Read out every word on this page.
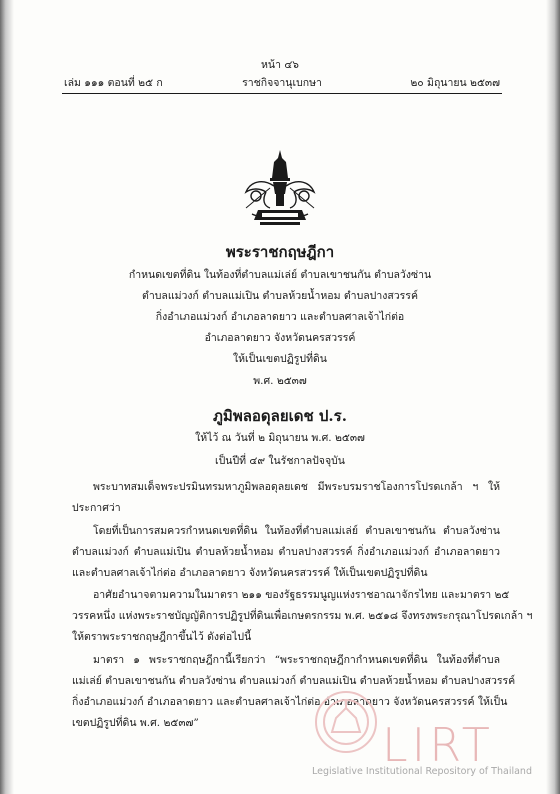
หน้า ๔๖
เล่ม ๑๑๑ ตอนที่ ๒๕ ก	ราชกิจจานุเบกษา	๒๐ มิถุนายน ๒๕๓๗
พระราชกฤษฎีกา
กำหนดเขตที่ดิน ในท้องที่ตำบลแม่เล่ย์ ตำบลเขาชนกัน ตำบลวังซ่าน
ตำบลแม่วงก์ ตำบลแม่เปิน ตำบลห้วยน้ำหอม ตำบลปางสวรรค์
กิ่งอำเภอแม่วงก์ อำเภอลาดยาว และตำบลศาลเจ้าไก่ต่อ
อำเภอลาดยาว จังหวัดนครสวรรค์
ให้เป็นเขตปฏิรูปที่ดิน
พ.ศ. ๒๕๓๗
ภูมิพลอดุลยเดช ป.ร.
ให้ไว้ ณ วันที่ ๒ มิถุนายน พ.ศ. ๒๕๓๗
เป็นปีที่ ๔๙ ในรัชกาลปัจจุบัน
พระบาทสมเด็จพระปรมินทรมหาภูมิพลอดุลยเดช มีพระบรมราชโองการโปรดเกล้า ฯ ให้
ประกาศว่า
โดยที่เป็นการสมควรกำหนดเขตที่ดิน ในท้องที่ตำบลแม่เล่ย์ ตำบลเขาชนกัน ตำบลวังซ่าน
ตำบลแม่วงก์ ตำบลแม่เปิน ตำบลห้วยน้ำหอม ตำบลปางสวรรค์ กิ่งอำเภอแม่วงก์ อำเภอลาดยาว
และตำบลศาลเจ้าไก่ต่อ อำเภอลาดยาว จังหวัดนครสวรรค์ ให้เป็นเขตปฏิรูปที่ดิน
อาศัยอำนาจตามความในมาตรา ๒๑๑ ของรัฐธรรมนูญแห่งราชอาณาจักรไทย และมาตรา ๒๕
วรรคหนึ่ง แห่งพระราชบัญญัติการปฏิรูปที่ดินเพื่อเกษตรกรรม พ.ศ. ๒๕๑๘ จึงทรงพระกรุณาโปรดเกล้า ฯ
ให้ตราพระราชกฤษฎีกาขึ้นไว้ ดังต่อไปนี้
มาตรา ๑ พระราชกฤษฎีกานี้เรียกว่า “พระราชกฤษฎีกากำหนดเขตที่ดิน ในท้องที่ตำบล
แม่เล่ย์ ตำบลเขาชนกัน ตำบลวังซ่าน ตำบลแม่วงก์ ตำบลแม่เปิน ตำบลห้วยน้ำหอม ตำบลปางสวรรค์
กิ่งอำเภอแม่วงก์ อำเภอลาดยาว และตำบลศาลเจ้าไก่ต่อ อำเภอลาดยาว จังหวัดนครสวรรค์ ให้เป็น
เขตปฏิรูปที่ดิน พ.ศ. ๒๕๓๗”	LIRT
Legislative Institutional Repository of Thailand
